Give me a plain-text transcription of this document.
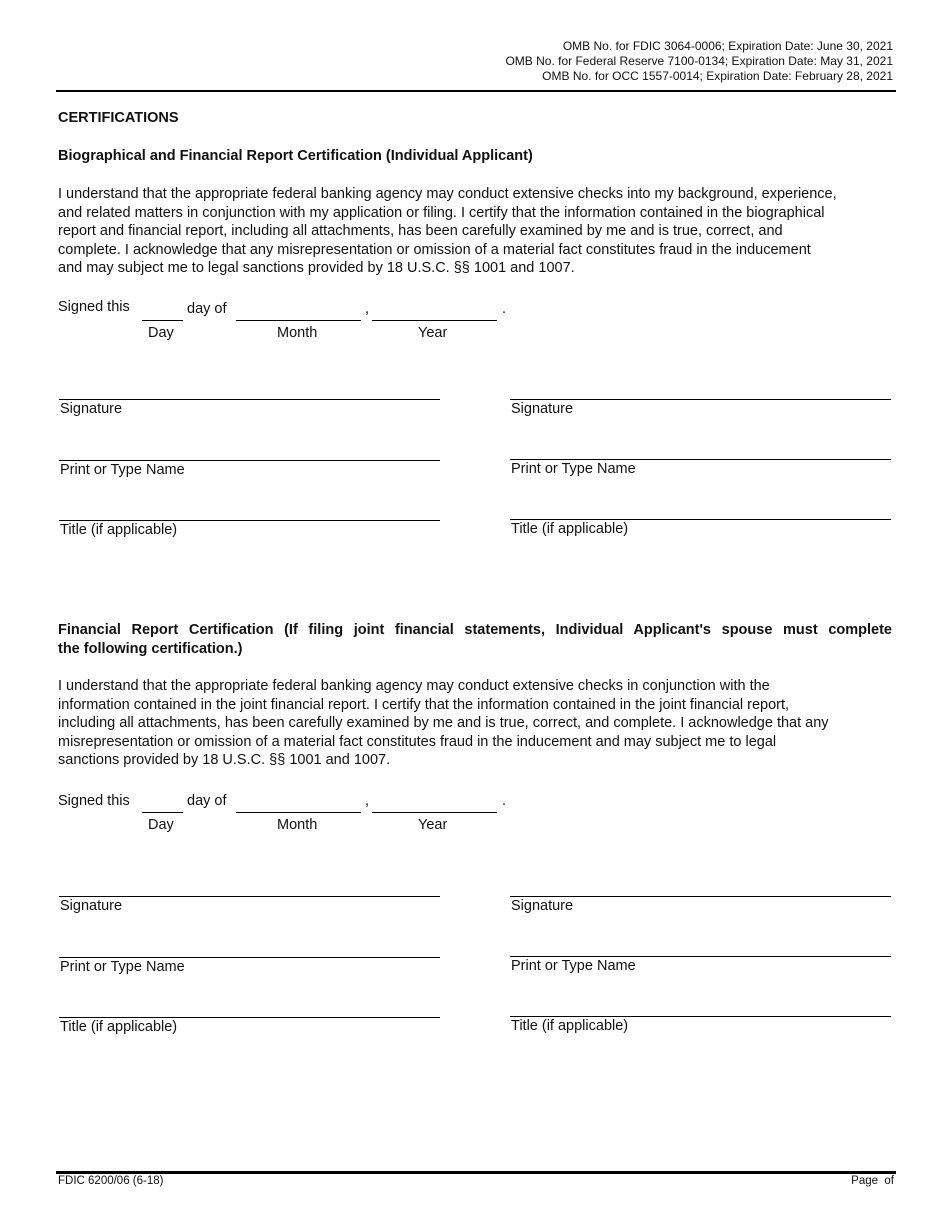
OMB No. for FDIC 3064-0006; Expiration Date: June 30, 2021
OMB No. for Federal Reserve 7100-0134; Expiration Date: May 31, 2021
OMB No. for OCC 1557-0014; Expiration Date: February 28, 2021
CERTIFICATIONS
Biographical and Financial Report Certification (Individual Applicant)
I understand that the appropriate federal banking agency may conduct extensive checks into my background, experience,
and related matters in conjunction with my application or filing. I certify that the information contained in the biographical
report and financial report, including all attachments, has been carefully examined by me and is true, correct, and
complete. I acknowledge that any misrepresentation or omission of a material fact constitutes fraud in the inducement
and may subject me to legal sanctions provided by 18 U.S.C. §§ 1001 and 1007.
Signed this	day of	,	.
Day	Month	Year
Signature
Print or Type Name
Title (if applicable)
Signature
Print or Type Name
Title (if applicable)
Financial Report Certification (If filing joint financial statements, Individual Applicant's spouse must complete
the following certification.)
I understand that the appropriate federal banking agency may conduct extensive checks in conjunction with the
information contained in the joint financial report. I certify that the information contained in the joint financial report,
including all attachments, has been carefully examined by me and is true, correct, and complete. I acknowledge that any
misrepresentation or omission of a material fact constitutes fraud in the inducement and may subject me to legal
sanctions provided by 18 U.S.C. §§ 1001 and 1007.
Signed this	day of	,	.
Day	Month	Year
Signature
Print or Type Name
Title (if applicable)
Signature
Print or Type Name
Title (if applicable)
FDIC 6200/06 (6-18)	Page  of
